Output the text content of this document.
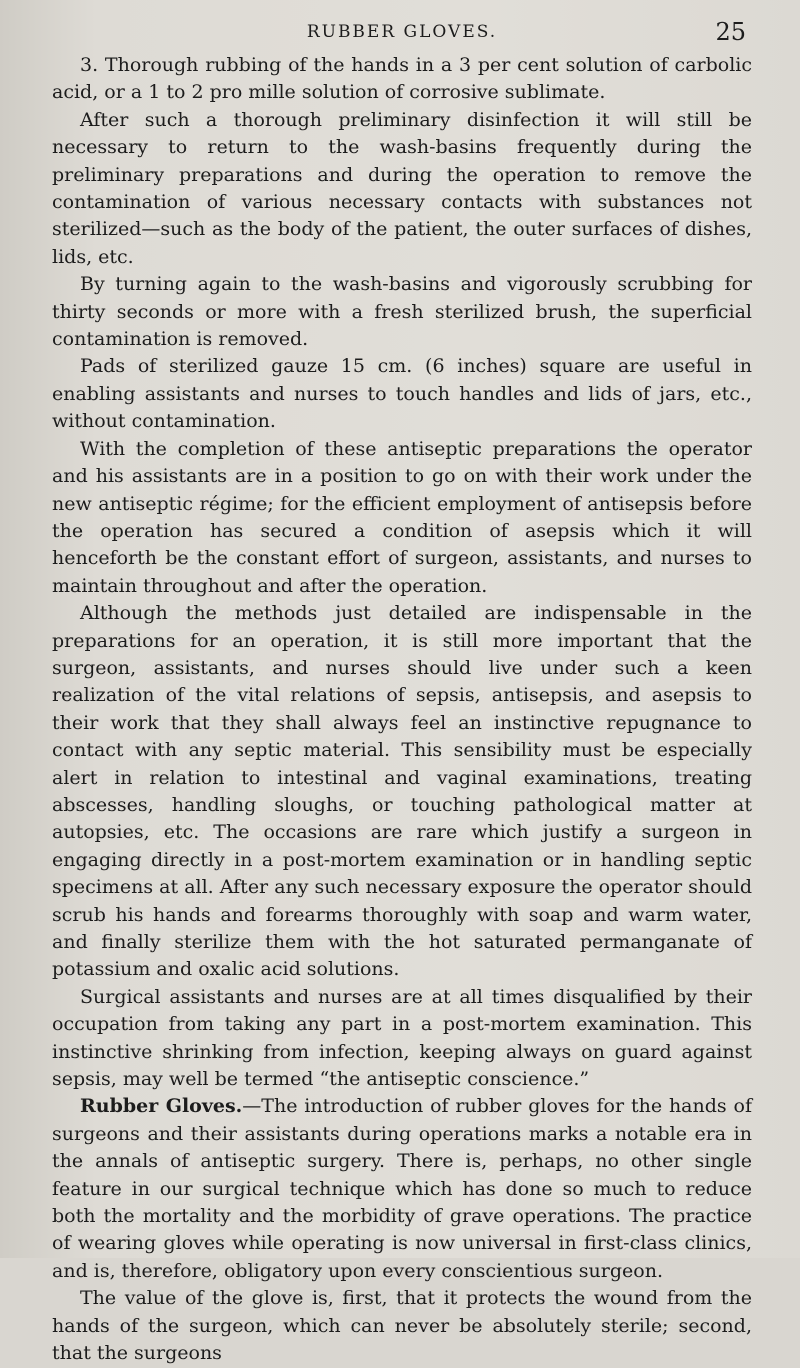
RUBBER GLOVES.	25

3. Thorough rubbing of the hands in a 3 per cent solution of carbolic acid, or a 1 to 2 pro mille solution of corrosive sublimate.

After such a thorough preliminary disinfection it will still be necessary to return to the wash-basins frequently during the preliminary preparations and during the operation to remove the contamination of various necessary contacts with substances not sterilized—such as the body of the patient, the outer surfaces of dishes, lids, etc.

By turning again to the wash-basins and vigorously scrubbing for thirty seconds or more with a fresh sterilized brush, the superficial contamination is removed.

Pads of sterilized gauze 15 cm. (6 inches) square are useful in enabling assistants and nurses to touch handles and lids of jars, etc., without contamination.

With the completion of these antiseptic preparations the operator and his assistants are in a position to go on with their work under the new antiseptic régime; for the efficient employment of antisepsis before the operation has secured a condition of asepsis which it will henceforth be the constant effort of surgeon, assistants, and nurses to maintain throughout and after the operation.

Although the methods just detailed are indispensable in the preparations for an operation, it is still more important that the surgeon, assistants, and nurses should live under such a keen realization of the vital relations of sepsis, antisepsis, and asepsis to their work that they shall always feel an instinctive repugnance to contact with any septic material. This sensibility must be especially alert in relation to intestinal and vaginal examinations, treating abscesses, handling sloughs, or touching pathological matter at autopsies, etc. The occasions are rare which justify a surgeon in engaging directly in a post-mortem examination or in handling septic specimens at all. After any such necessary exposure the operator should scrub his hands and forearms thoroughly with soap and warm water, and finally sterilize them with the hot saturated permanganate of potassium and oxalic acid solutions.

Surgical assistants and nurses are at all times disqualified by their occupation from taking any part in a post-mortem examination. This instinctive shrinking from infection, keeping always on guard against sepsis, may well be termed “the antiseptic conscience.”

Rubber Gloves.—The introduction of rubber gloves for the hands of surgeons and their assistants during operations marks a notable era in the annals of antiseptic surgery. There is, perhaps, no other single feature in our surgical technique which has done so much to reduce both the mortality and the morbidity of grave operations. The practice of wearing gloves while operating is now universal in first-class clinics, and is, therefore, obligatory upon every conscientious surgeon.

The value of the glove is, first, that it protects the wound from the hands of the surgeon, which can never be absolutely sterile; second, that the surgeons
